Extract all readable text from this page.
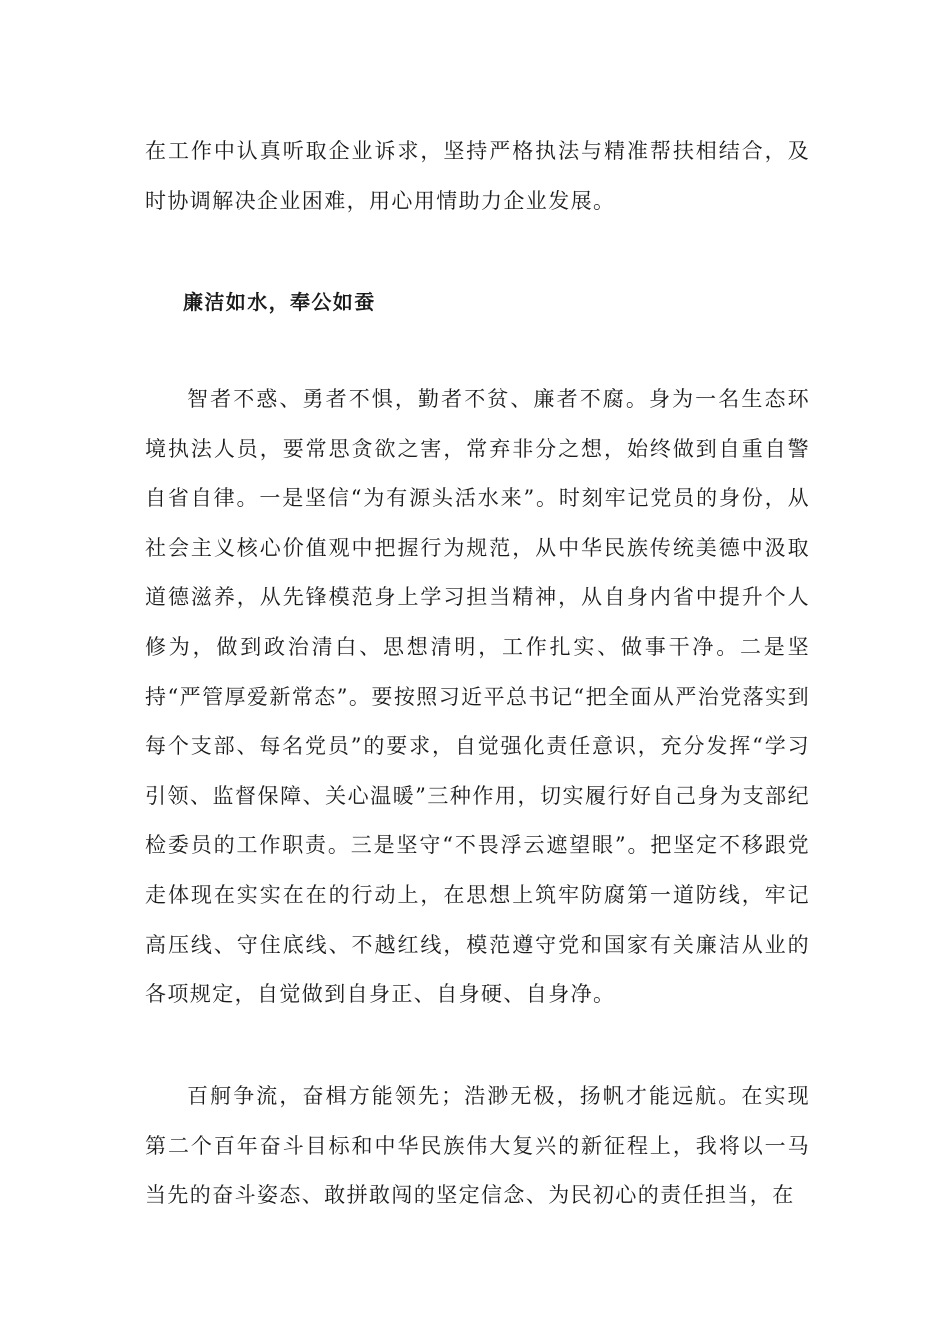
在工作中认真听取企业诉求，坚持严格执法与精准帮扶相结合，及时协调解决企业困难，用心用情助力企业发展。

廉洁如水，奉公如蚕

智者不惑、勇者不惧，勤者不贫、廉者不腐。身为一名生态环境执法人员，要常思贪欲之害，常弃非分之想，始终做到自重自警自省自律。一是坚信“为有源头活水来”。时刻牢记党员的身份，从社会主义核心价值观中把握行为规范，从中华民族传统美德中汲取道德滋养，从先锋模范身上学习担当精神，从自身内省中提升个人修为，做到政治清白、思想清明，工作扎实、做事干净。二是坚持“严管厚爱新常态”。要按照习近平总书记“把全面从严治党落实到每个支部、每名党员”的要求，自觉强化责任意识，充分发挥“学习引领、监督保障、关心温暖”三种作用，切实履行好自己身为支部纪检委员的工作职责。三是坚守“不畏浮云遮望眼”。把坚定不移跟党走体现在实实在在的行动上，在思想上筑牢防腐第一道防线，牢记高压线、守住底线、不越红线，模范遵守党和国家有关廉洁从业的各项规定，自觉做到自身正、自身硬、自身净。

百舸争流，奋楫方能领先；浩渺无极，扬帆才能远航。在实现第二个百年奋斗目标和中华民族伟大复兴的新征程上，我将以一马当先的奋斗姿态、敢拼敢闯的坚定信念、为民初心的责任担当，在
